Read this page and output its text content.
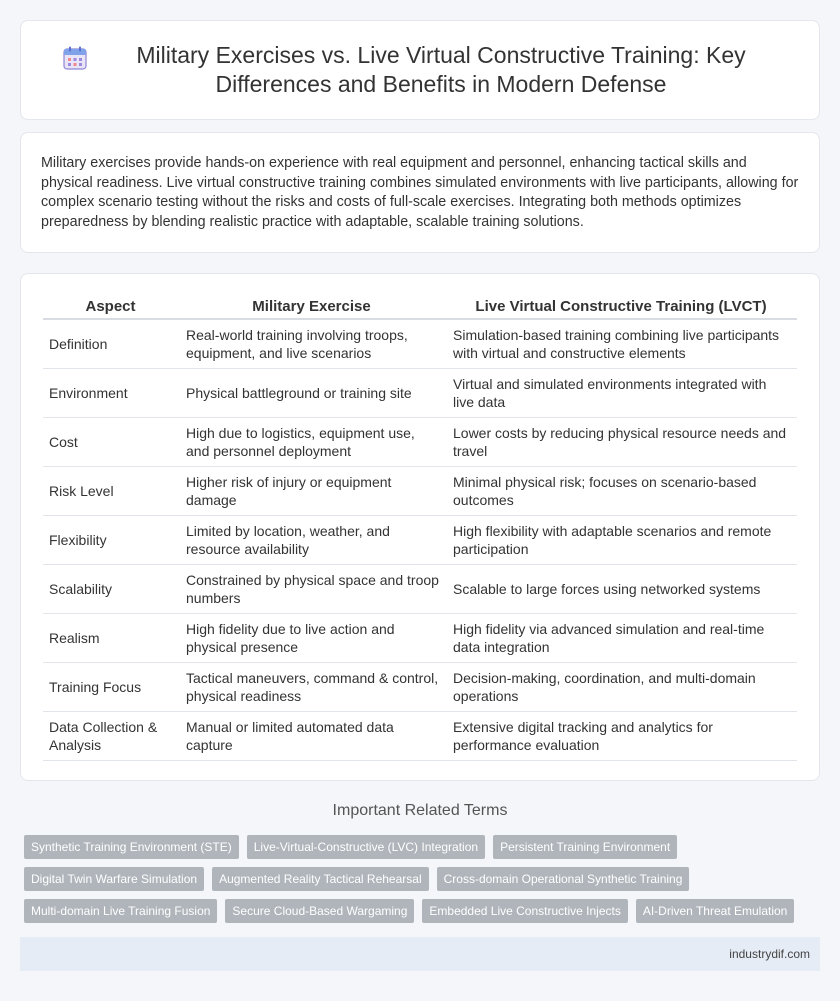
Military Exercises vs. Live Virtual Constructive Training: Key Differences and Benefits in Modern Defense

Military exercises provide hands-on experience with real equipment and personnel, enhancing tactical skills and physical readiness. Live virtual constructive training combines simulated environments with live participants, allowing for complex scenario testing without the risks and costs of full-scale exercises. Integrating both methods optimizes preparedness by blending realistic practice with adaptable, scalable training solutions.

Aspect	Military Exercise	Live Virtual Constructive Training (LVCT)
Definition	Real-world training involving troops, equipment, and live scenarios	Simulation-based training combining live participants with virtual and constructive elements
Environment	Physical battleground or training site	Virtual and simulated environments integrated with live data
Cost	High due to logistics, equipment use, and personnel deployment	Lower costs by reducing physical resource needs and travel
Risk Level	Higher risk of injury or equipment damage	Minimal physical risk; focuses on scenario-based outcomes
Flexibility	Limited by location, weather, and resource availability	High flexibility with adaptable scenarios and remote participation
Scalability	Constrained by physical space and troop numbers	Scalable to large forces using networked systems
Realism	High fidelity due to live action and physical presence	High fidelity via advanced simulation and real-time data integration
Training Focus	Tactical maneuvers, command & control, physical readiness	Decision-making, coordination, and multi-domain operations
Data Collection & Analysis	Manual or limited automated data capture	Extensive digital tracking and analytics for performance evaluation
Important Related Terms
Synthetic Training Environment (STE)	Live-Virtual-Constructive (LVC) Integration	Persistent Training Environment
Digital Twin Warfare Simulation	Augmented Reality Tactical Rehearsal	Cross-domain Operational Synthetic Training
Multi-domain Live Training Fusion	Secure Cloud-Based Wargaming	Embedded Live Constructive Injects	AI-Driven Threat Emulation
industrydif.com
